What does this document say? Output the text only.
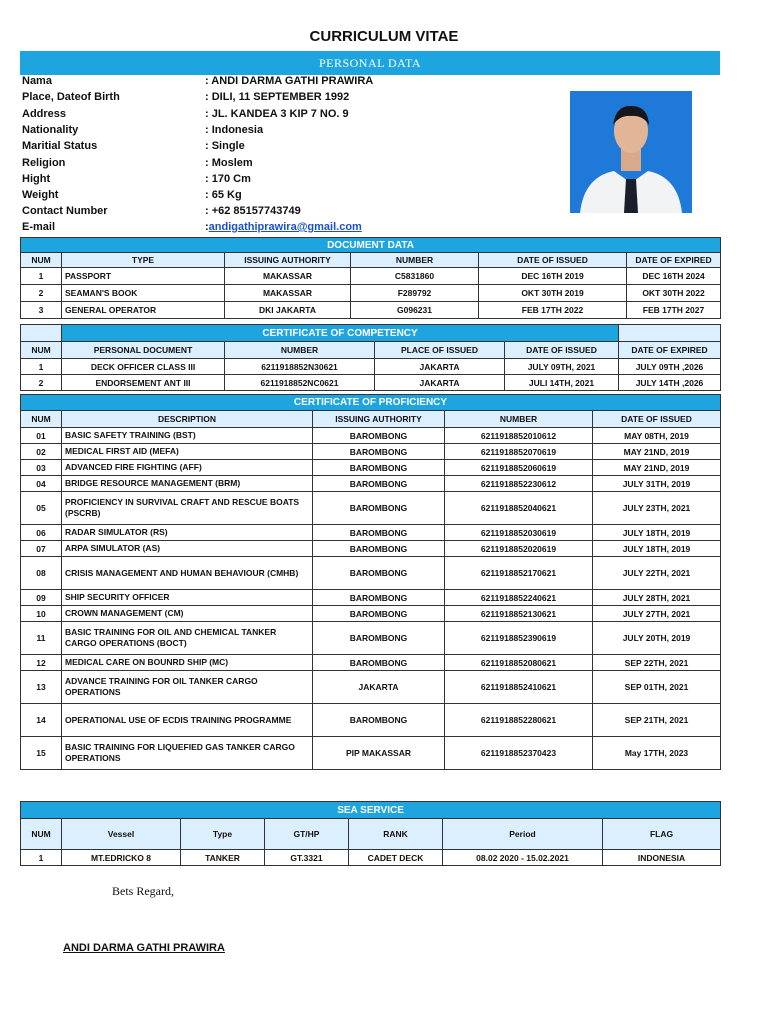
CURRICULUM VITAE
PERSONAL DATA
Nama	: ANDI DARMA GATHI PRAWIRA
Place, Dateof Birth	: DILI, 11 SEPTEMBER 1992
Address	: JL. KANDEA 3 KIP 7 NO. 9
Nationality	: Indonesia
Maritial Status	: Single
Religion	: Moslem
Hight	: 170 Cm
Weight	: 65 Kg
Contact Number	: +62 85157743749
E-mail	:andigathiprawira@gmail.com
DOCUMENT DATA					
NUM	TYPE	ISSUING AUTHORITY	NUMBER	DATE OF ISSUED	DATE OF EXPIRED
1	PASSPORT	MAKASSAR	C5831860	DEC 16TH 2019	DEC 16TH 2024
2	SEAMAN'S BOOK	MAKASSAR	F289792	OKT 30TH 2019	OKT 30TH 2022
3	GENERAL OPERATOR	DKI JAKARTA	G096231	FEB 17TH 2022	FEB 17TH 2027
	CERTIFICATE OF COMPETENCY				
NUM	PERSONAL DOCUMENT	NUMBER	PLACE OF ISSUED	DATE OF ISSUED	DATE OF EXPIRED
1	DECK OFFICER CLASS III	6211918852N30621	JAKARTA	JULY 09TH, 2021	JULY 09TH ,2026
2	ENDORSEMENT ANT III	6211918852NC0621	JAKARTA	JULI 14TH, 2021	JULY 14TH ,2026
CERTIFICATE OF PROFICIENCY				
NUM	DESCRIPTION	ISSUING AUTHORITY	NUMBER	DATE OF ISSUED
01	BASIC SAFETY TRAINING (BST)	BAROMBONG	6211918852010612	MAY 08TH, 2019
02	MEDICAL FIRST AID (MEFA)	BAROMBONG	6211918852070619	MAY 21ND, 2019
03	ADVANCED FIRE FIGHTING (AFF)	BAROMBONG	6211918852060619	MAY 21ND, 2019
04	BRIDGE RESOURCE MANAGEMENT (BRM)	BAROMBONG	6211918852230612	JULY 31TH, 2019
05	PROFICIENCY IN SURVIVAL CRAFT AND RESCUE BOATS (PSCRB)	BAROMBONG	6211918852040621	JULY 23TH, 2021
06	RADAR SIMULATOR (RS)	BAROMBONG	6211918852030619	JULY 18TH, 2019
07	ARPA SIMULATOR (AS)	BAROMBONG	6211918852020619	JULY 18TH, 2019
08	CRISIS MANAGEMENT AND HUMAN BEHAVIOUR (CMHB)	BAROMBONG	6211918852170621	JULY 22TH, 2021
09	SHIP SECURITY OFFICER	BAROMBONG	6211918852240621	JULY 28TH, 2021
10	CROWN MANAGEMENT (CM)	BAROMBONG	6211918852130621	JULY 27TH, 2021
11	BASIC TRAINING FOR OIL AND CHEMICAL TANKER CARGO OPERATIONS (BOCT)	BAROMBONG	6211918852390619	JULY 20TH, 2019
12	MEDICAL CARE ON BOUNRD SHIP (MC)	BAROMBONG	6211918852080621	SEP 22TH, 2021
13	ADVANCE TRAINING FOR OIL TANKER CARGO OPERATIONS	JAKARTA	6211918852410621	SEP 01TH, 2021
14	OPERATIONAL USE OF ECDIS TRAINING PROGRAMME	BAROMBONG	6211918852280621	SEP 21TH, 2021
15	BASIC TRAINING FOR LIQUEFIED GAS TANKER CARGO OPERATIONS	PIP MAKASSAR	6211918852370423	May 17TH, 2023
SEA SERVICE						
NUM	Vessel	Type	GT/HP	RANK	Period	FLAG
1	MT.EDRICKO 8	TANKER	GT.3321	CADET DECK	08.02 2020 - 15.02.2021	INDONESIA
Bets Regard,
ANDI DARMA GATHI PRAWIRA
